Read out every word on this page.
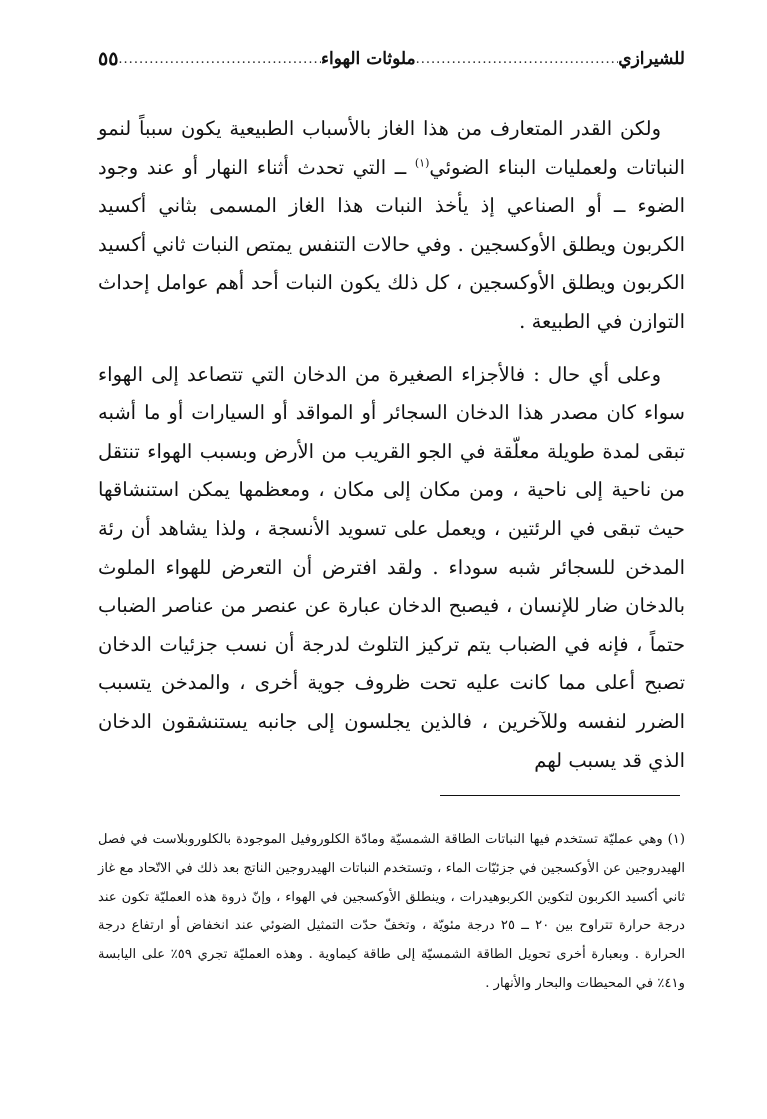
للشيرازي
.....
ملوثات الهواء
.....
٥٥

ولكن القدر المتعارف من هذا الغاز بالأسباب الطبيعية يكون سبباً لنمو النباتات ولعمليات البناء الضوئي$^{(١)}$ ــ التي تحدث أثناء النهار أو عند وجود الضوء ــ أو الصناعي إذ يأخذ النبات هذا الغاز المسمى بثاني أكسيد الكربون ويطلق الأوكسجين . وفي حالات التنفس يمتص النبات ثاني أكسيد الكربون ويطلق الأوكسجين ، كل ذلك يكون النبات أحد أهم عوامل إحداث التوازن في الطبيعة .

وعلى أي حال : فالأجزاء الصغيرة من الدخان التي تتصاعد إلى الهواء سواء كان مصدر هذا الدخان السجائر أو المواقد أو السيارات أو ما أشبه تبقى لمدة طويلة معلّقة في الجو القريب من الأرض وبسبب الهواء تنتقل من ناحية إلى ناحية ، ومن مكان إلى مكان ، ومعظمها يمكن استنشاقها حيث تبقى في الرئتين ، ويعمل على تسويد الأنسجة ، ولذا يشاهد أن رئة المدخن للسجائر شبه سوداء . ولقد افترض أن التعرض للهواء الملوث بالدخان ضار للإنسان ، فيصبح الدخان عبارة عن عنصر من عناصر الضباب حتماً ، فإنه في الضباب يتم تركيز التلوث لدرجة أن نسب جزئيات الدخان تصبح أعلى مما كانت عليه تحت ظروف جوية أخرى ، والمدخن يتسبب الضرر لنفسه وللآخرين ، فالذين يجلسون إلى جانبه يستنشقون الدخان الذي قد يسبب لهم

(١) وهي عمليّة تستخدم فيها النباتات الطاقة الشمسيّة ومادّة الكلوروفيل الموجودة بالكلوروبلاست في فصل الهيدروجين عن الأوكسجين في جزئيّات الماء ، وتستخدم النباتات الهيدروجين الناتج بعد ذلك في الاتّحاد مع غاز ثاني أكسيد الكربون لتكوين الكربوهيدرات ، وينطلق الأوكسجين في الهواء ، وإنّ ذروة هذه العمليّة تكون عند درجة حرارة تتراوح بين ٢٠ ــ ٢٥ درجة مئويّة ، وتخفّ حدّت التمثيل الضوئي عند انخفاض أو ارتفاع درجة الحرارة . وبعبارة أخرى تحويل الطاقة الشمسيّة إلى طاقة كيماوية . وهذه العمليّة تجري ٥٩٪ على اليابسة و٤١٪ في المحيطات والبحار والأنهار .
